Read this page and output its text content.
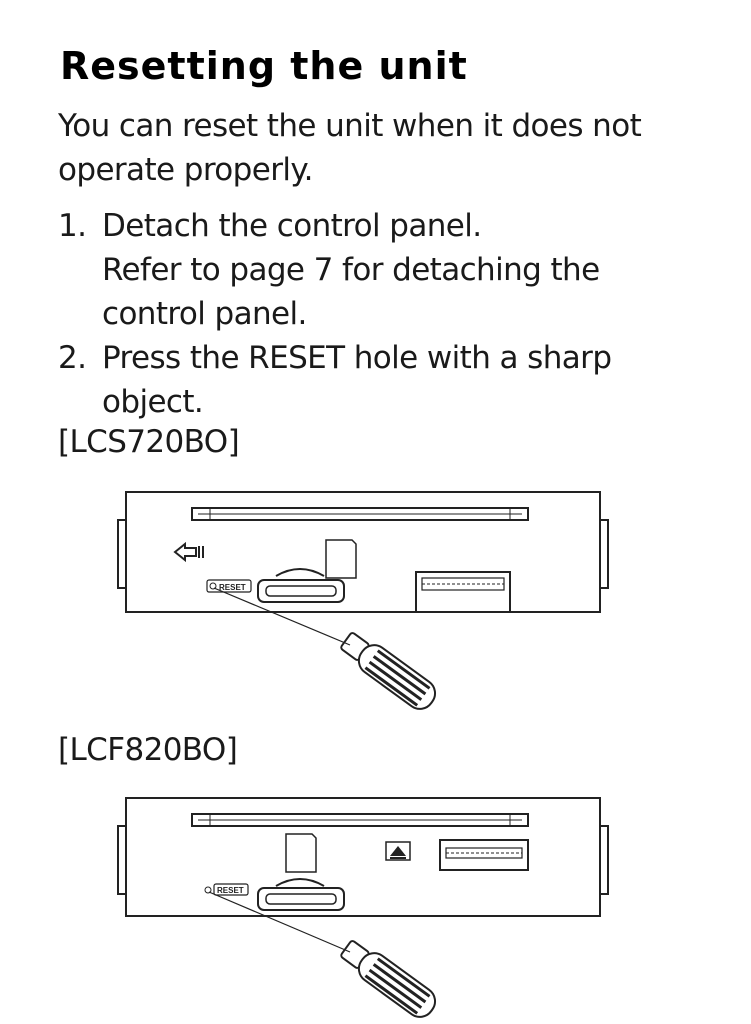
Resetting the unit
You can reset the unit when it does not operate properly.
1. Detach the control panel.
Refer to page 7 for detaching the control panel.
2. Press the RESET hole with a sharp object.
[LCS720BO]
RESET
[LCF820BO]
RESET
